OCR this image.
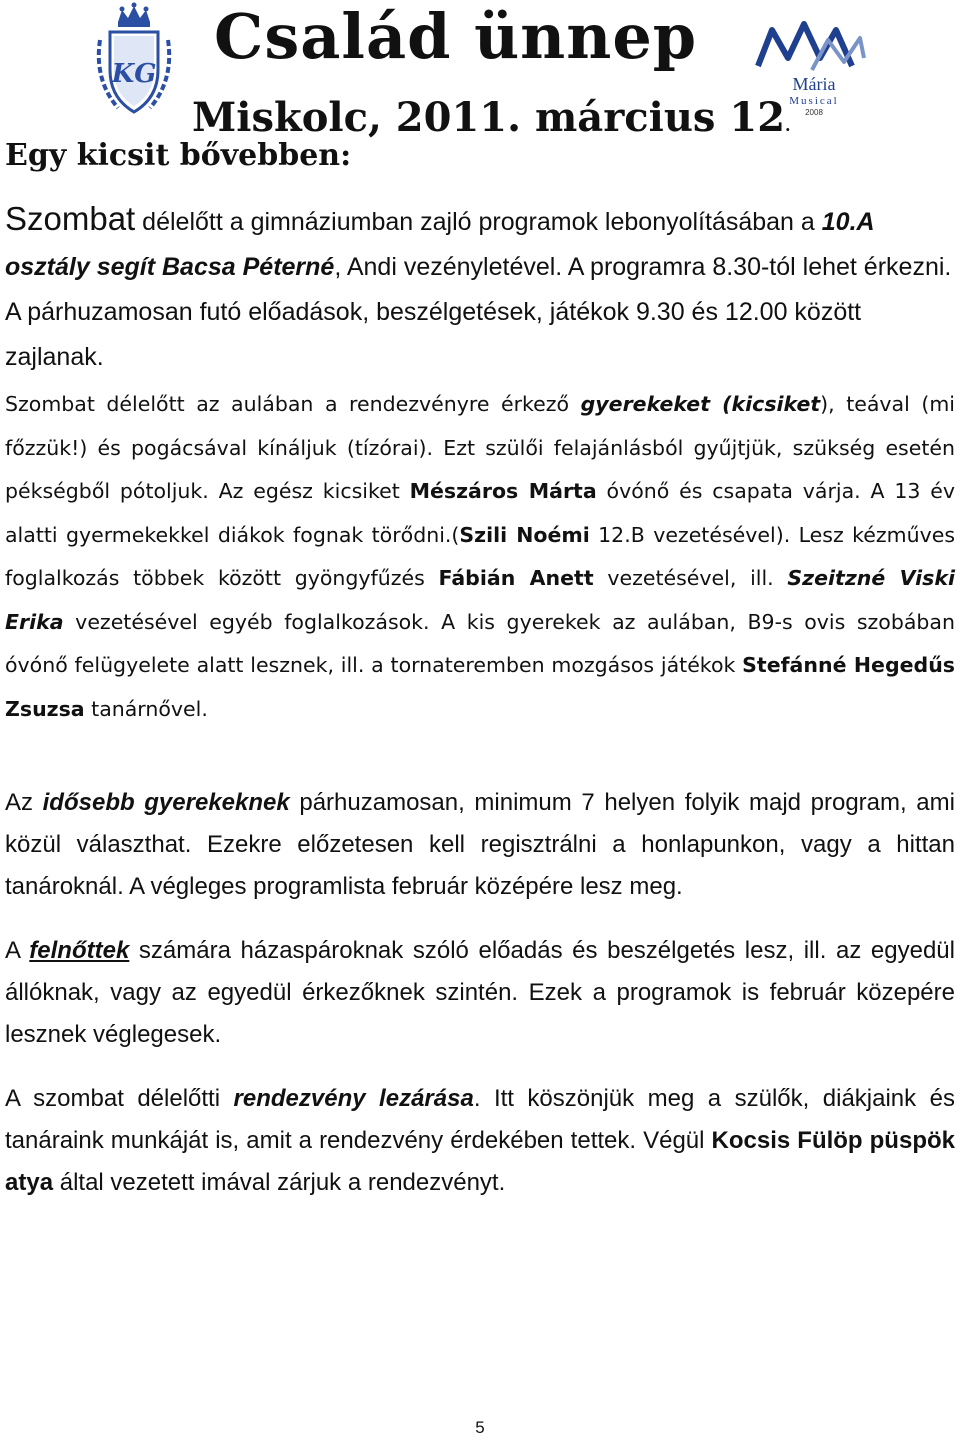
KG
Család ünnep
Miskolc, 2011. március 12.
Mária
Musical
2008
Egy kicsit bővebben:

Szombat délelőtt a gimnáziumban zajló programok lebonyolításában a 10.A osztály segít Bacsa Péterné, Andi vezényletével. A programra 8.30-tól lehet érkezni. A párhuzamosan futó előadások, beszélgetések, játékok 9.30 és 12.00 között zajlanak.

Szombat délelőtt az aulában a rendezvényre érkező gyerekeket (kicsiket), teával (mi főzzük!) és pogácsával kínáljuk (tízórai). Ezt szülői felajánlásból gyűjtjük, szükség esetén pékségből pótoljuk. Az egész kicsiket Mészáros Márta óvónő és csapata várja. A 13 év alatti gyermekekkel diákok fognak törődni.(Szili Noémi 12.B vezetésével). Lesz kézműves foglalkozás többek között gyöngyfűzés Fábián Anett vezetésével, ill. Szeitzné Viski Erika vezetésével egyéb foglalkozások. A kis gyerekek az aulában, B9-s ovis szobában óvónő felügyelete alatt lesznek, ill. a tornateremben mozgásos játékok Stefánné Hegedűs Zsuzsa tanárnővel.

Az idősebb gyerekeknek párhuzamosan, minimum 7 helyen folyik majd program, ami közül választhat. Ezekre előzetesen kell regisztrálni a honlapunkon, vagy a hittan tanároknál. A végleges programlista február középére lesz meg.

A felnőttek számára házaspároknak szóló előadás és beszélgetés lesz, ill. az egyedül állóknak, vagy az egyedül érkezőknek szintén. Ezek a programok is február közepére lesznek véglegesek.

A szombat délelőtti rendezvény lezárása. Itt köszönjük meg a szülők, diákjaink és tanáraink munkáját is, amit a rendezvény érdekében tettek. Végül Kocsis Fülöp püspök atya által vezetett imával zárjuk a rendezvényt.

5
